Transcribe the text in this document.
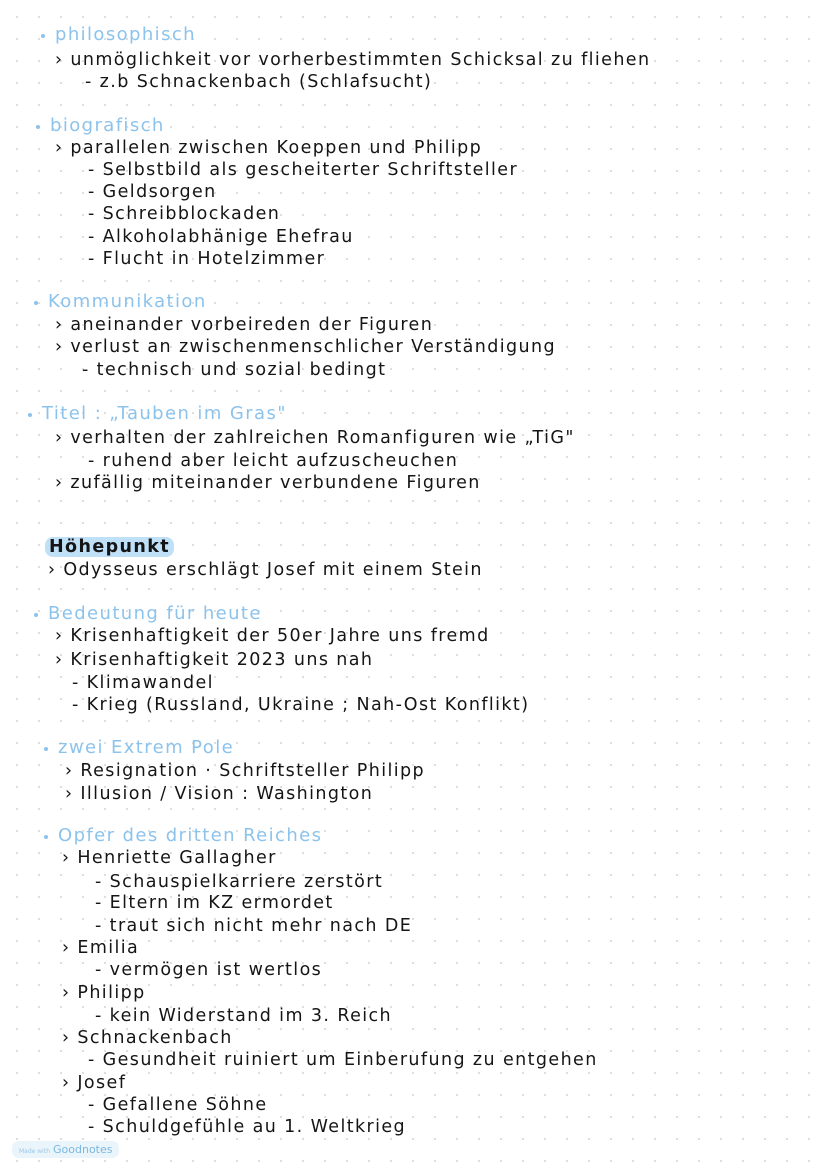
philosophisch
› unmöglichkeit vor vorherbestimmten Schicksal zu fliehen
- z.b Schnackenbach (Schlafsucht)
biografisch
› parallelen zwischen Koeppen und Philipp
- Selbstbild als gescheiterter Schriftsteller
- Geldsorgen
- Schreibblockaden
- Alkoholabhänige Ehefrau
- Flucht in Hotelzimmer
Kommunikation
› aneinander vorbeireden der Figuren
› verlust an zwischenmenschlicher Verständigung
- technisch und sozial bedingt
Titel : „Tauben im Gras"
› verhalten der zahlreichen Romanfiguren wie „TiG"
- ruhend aber leicht aufzuscheuchen
› zufällig miteinander verbundene Figuren
Höhepunkt
› Odysseus erschlägt Josef mit einem Stein
Bedeutung für heute
› Krisenhaftigkeit der 50er Jahre uns fremd
› Krisenhaftigkeit 2023 uns nah
- Klimawandel
- Krieg (Russland, Ukraine ; Nah-Ost Konflikt)
zwei Extrem Pole
› Resignation · Schriftsteller Philipp
› Illusion / Vision : Washington
Opfer des dritten Reiches
› Henriette Gallagher
- Schauspielkarriere zerstört
- Eltern im KZ ermordet
- traut sich nicht mehr nach DE
› Emilia
- vermögen ist wertlos
› Philipp
- kein Widerstand im 3. Reich
› Schnackenbach
- Gesundheit ruiniert um Einberufung zu entgehen
› Josef
- Gefallene Söhne
- Schuldgefühle au 1. Weltkrieg
Made with Goodnotes
